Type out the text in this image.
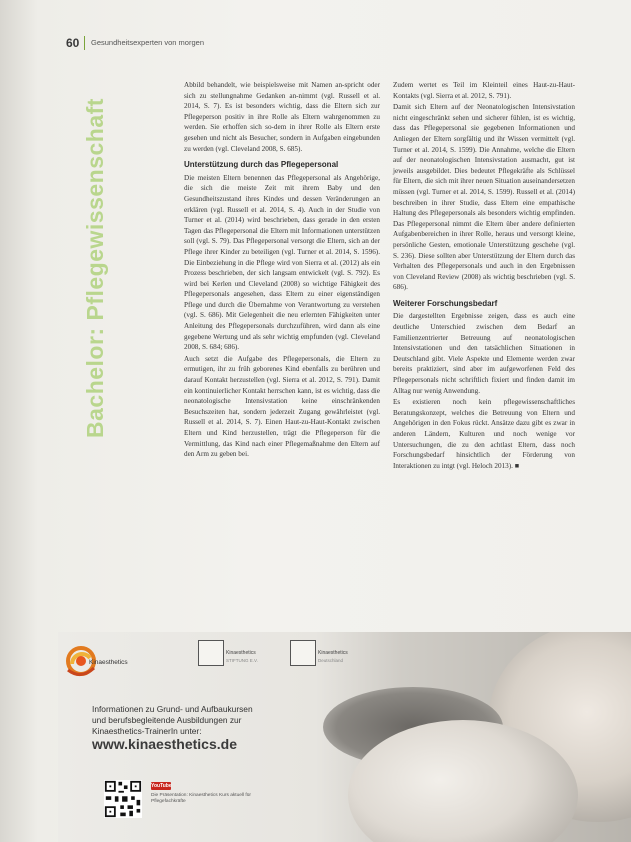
60 Gesundheitsexperten von morgen
Bachelor: Pflegewissenschaft

Abbild behandelt, wie beispielsweise mit Namen an-spricht oder sich zu stellungnahme Gedanken an-nimmt (vgl. Russell et al. 2014, S. 7). Es ist besonders wichtig, dass die Eltern sich zur Pflegeperson positiv in ihre Rolle als Eltern wahrgenommen zu werden. Sie erhoffen sich so-dem in ihrer Rolle als Eltern erste gesehen und nicht als Besucher, sondern in Aufgaben eingebunden zu werden (vgl. Cleveland 2008, S. 685).

Unterstützung durch das Pflegepersonal

Die meisten Eltern benennen das Pflegepersonal als Angehörige, die sich die meiste Zeit mit ihrem Baby und den Gesundheitszustand ihres Kindes und dessen Veränderungen an erklären (vgl. Russell et al. 2014, S. 4). Auch in der Studie von Turner et al. (2014) wird beschrieben, dass gerade in den ersten Tagen das Pflegepersonal die Eltern mit Informationen unterstützen soll (vgl. S. 79). Das Pflegepersonal versorgt die Eltern, sich an der Pflege ihrer Kinder zu beteiligen (vgl. Turner et al. 2014, S. 1596). Die Einbeziehung in die Pflege wird von Sierra et al. (2012) als ein Prozess beschrieben, der sich langsam entwickelt (vgl. S. 792). Es wird bei Kerlen und Cleveland (2008) so wichtige Fähigkeit des Pflegepersonals angesehen, dass Eltern zu einer eigenständigen Pflege und durch die Übernahme von Verantwortung zu verstehen (vgl. S. 686). Mit Gelegenheit die neu erlernten Fähigkeiten unter Anleitung des Pflegepersonals durchzuführen, wird dann als eine gegebene Wertung und als sehr wichtig empfunden (vgl. Cleveland 2008, S. 684; 686).

Auch setzt die Aufgabe des Pflegepersonals, die Eltern zu ermutigen, ihr zu früh geborenes Kind ebenfalls zu berühren und darauf Kontakt herzustellen (vgl. Sierra et al. 2012, S. 791). Damit ein kontinuierlicher Kontakt herrschen kann, ist es wichtig, dass die neonatologische Intensivstation keine einschränkenden Besuchszeiten hat, sondern jederzeit Zugang gewährleistet (vgl. Russell et al. 2014, S. 7). Einen Haut-zu-Haut-Kontakt zwischen Eltern und Kind herzustellen, trägt die Pflegeperson für die Vermittlung, das Kind nach einer Pflegemaßnahme den Eltern auf den Arm zu geben bei.

Zudem wertet es Teil im Kleinteil eines Haut-zu-Haut-Kontakts (vgl. Sierra et al. 2012, S. 791).

Damit sich Eltern auf der Neonatologischen Intensivstation nicht eingeschränkt sehen und sicherer fühlen, ist es wichtig, dass das Pflegepersonal sie gegebenen Informationen und Anliegen der Eltern sorgfältig und ihr Wissen vermittelt (vgl. Turner et al. 2014, S. 1599). Die Annahme, welche die Eltern auf der neonatologischen Intensivstation ausmacht, gut ist jeweils ausgebildet. Dies bedeutet Pflegekräfte als Schlüssel für Eltern, die sich mit ihrer neuen Situation auseinandersetzen müssen (vgl. Turner et al. 2014, S. 1599). Russell et al. (2014) beschreiben in ihrer Studie, dass Eltern eine empathische Haltung des Pflegepersonals als besonders wichtig empfinden. Das Pflegepersonal nimmt die Eltern über andere definierten Aufgabenbereichen in ihrer Rolle, heraus und versorgt kleine, persönliche Gesten, emotionale Unterstützung geschehe (vgl. S. 236). Diese sollten aber Unterstützung der Eltern durch das Verhalten des Pflegepersonals und auch in den Ergebnissen von Cleveland Review (2008) als wichtig beschrieben (vgl. S. 686).

Weiterer Forschungsbedarf

Die dargestellten Ergebnisse zeigen, dass es auch eine deutliche Unterschied zwischen dem Bedarf an Familienzentrierter Betreuung auf neonatologischen Intensivstationen und den tatsächlichen Situationen in Deutschland gibt. Viele Aspekte und Elemente werden zwar bereits praktiziert, sind aber im aufgeworfenen Feld des Pflegepersonals nicht schriftlich fixiert und finden damit im Alltag nur wenig Anwendung.

Es existieren noch kein pflegewissenschaftliches Beratungskonzept, welches die Betreuung von Eltern und Angehörigen in den Fokus rückt. Ansätze dazu gibt es zwar in anderen Ländern, Kulturen und noch wenige vor Untersuchungen, die zu den achtlast Eltern, dass noch Forschungsbedarf hinsichtlich der Förderung von Interaktionen zu intgt (vgl. Heloch 2013). ■

Kinaesthetics
Kinaesthetics
STIFTUNG E.V.
Kinaesthetics
Deutschland
Informationen zu Grund- und Aufbaukursen
und berufsbegleitende Ausbildungen zur
Kinaesthetics-TrainerIn unter:
www.kinaesthetics.de
YouTube
Die Präsentation: Kinaesthetics Kurs aktuell für Pflegefachkräfte
